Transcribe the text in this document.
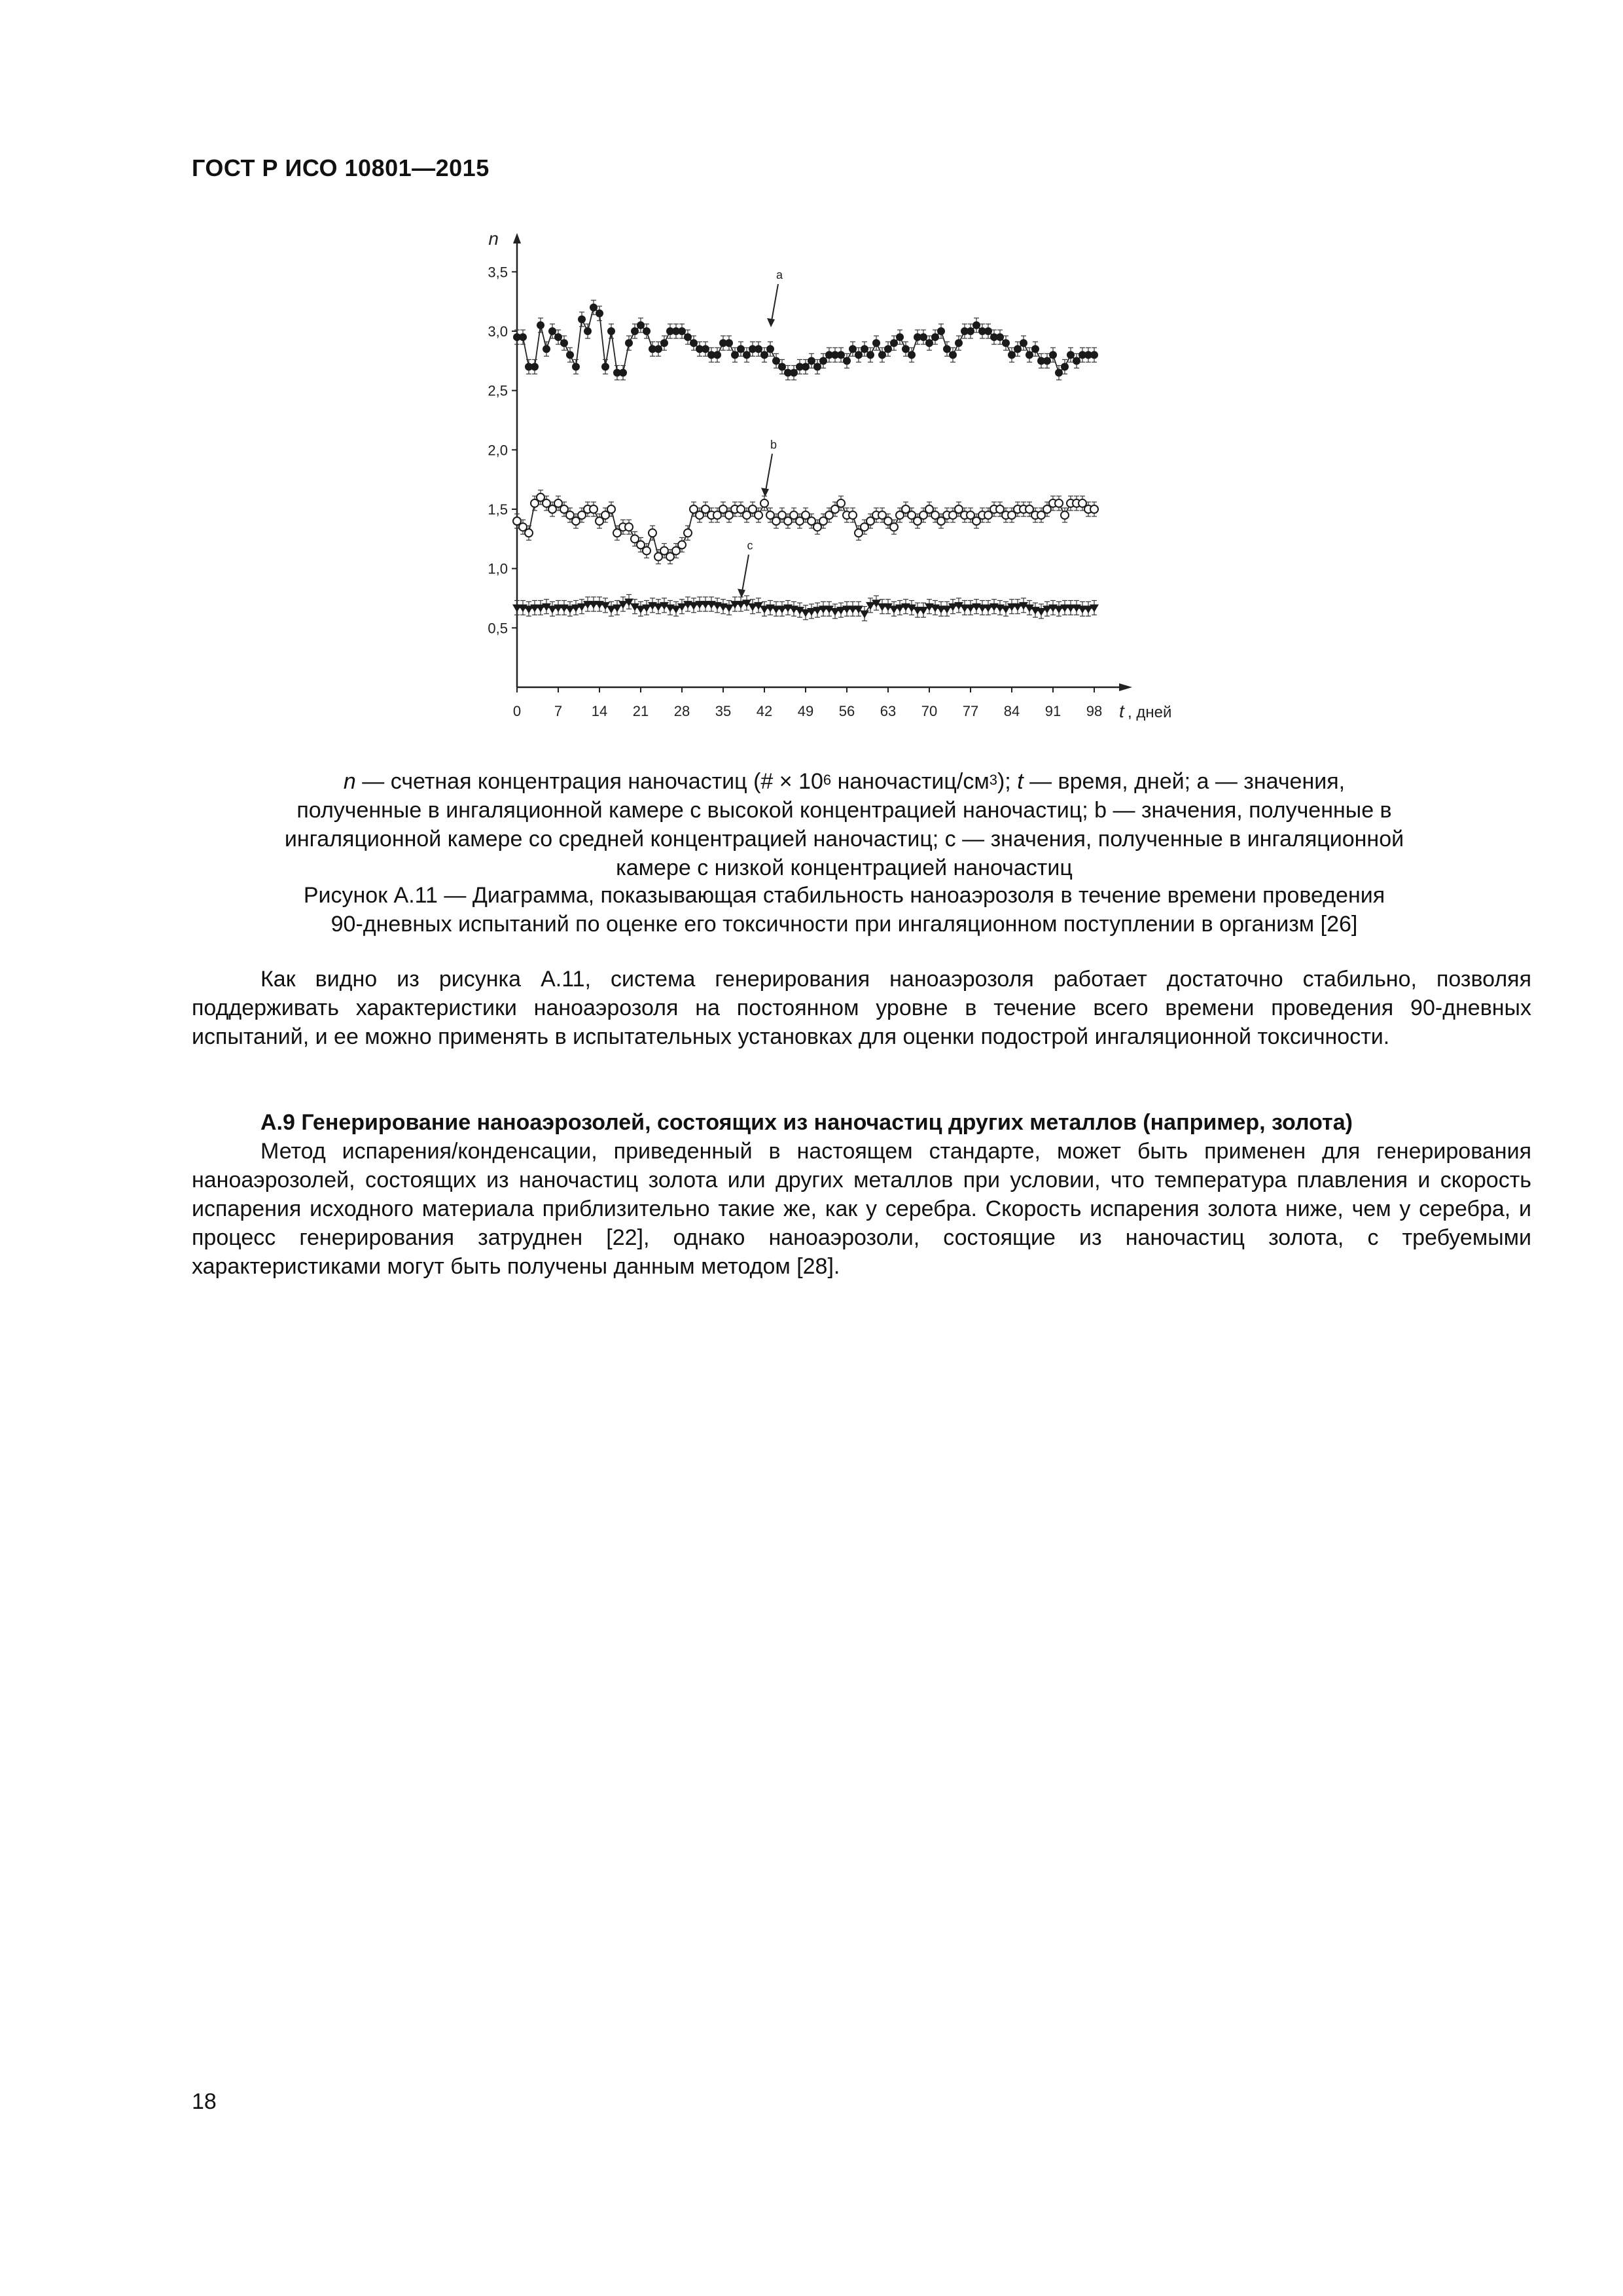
ГОСТ Р ИСО 10801—2015
0,5
1,0
1,5
2,0
2,5
3,0
3,5
0 7 14 21 28 35 42 49 56 63 70 77 84 91 98
n
t , дней
a
b
c
n — счетная концентрация наночастиц (# × $10^6$ наночастиц/$см^3$); t — время, дней; а — значения,
полученные в ингаляционной камере с высокой концентрацией наночастиц; b — значения, полученные в
ингаляционной камере со средней концентрацией наночастиц; с — значения, полученные в ингаляционной
камере с низкой концентрацией наночастиц
Рисунок А.11 — Диаграмма, показывающая стабильность наноаэрозоля в течение времени проведения
90-дневных испытаний по оценке его токсичности при ингаляционном поступлении в организм [26]
Как видно из рисунка А.11, система генерирования наноаэрозоля работает достаточно стабильно, позволяя поддерживать характеристики наноаэрозоля на постоянном уровне в течение всего времени проведения 90-дневных испытаний, и ее можно применять в испытательных установках для оценки подострой ингаляционной токсичности.
А.9 Генерирование наноаэрозолей, состоящих из наночастиц других металлов (например, золота)
Метод испарения/конденсации, приведенный в настоящем стандарте, может быть применен для генерирования наноаэрозолей, состоящих из наночастиц золота или других металлов при условии, что температура плавления и скорость испарения исходного материала приблизительно такие же, как у серебра. Скорость испарения золота ниже, чем у серебра, и процесс генерирования затруднен [22], однако наноаэрозоли, состоящие из наночастиц золота, с требуемыми характеристиками могут быть получены данным методом [28].
18
